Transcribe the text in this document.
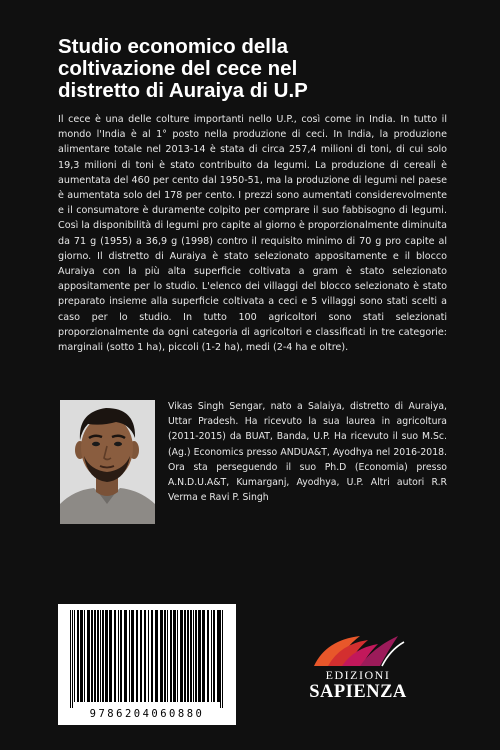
Studio economico della
coltivazione del cece nel
distretto di Auraiya di U.P

Il cece è una delle colture importanti nello U.P., così come in India. In tutto il mondo l'India è al 1° posto nella produzione di ceci. In India, la produzione alimentare totale nel 2013-14 è stata di circa 257,4 milioni di toni, di cui solo 19,3 milioni di toni è stato contribuito da legumi. La produzione di cereali è aumentata del 460 per cento dal 1950-51, ma la produzione di legumi nel paese è aumentata solo del 178 per cento. I prezzi sono aumentati considerevolmente e il consumatore è duramente colpito per comprare il suo fabbisogno di legumi. Così la disponibilità di legumi pro capite al giorno è proporzionalmente diminuita da 71 g (1955) a 36,9 g (1998) contro il requisito minimo di 70 g pro capite al giorno. Il distretto di Auraiya è stato selezionato appositamente e il blocco Auraiya con la più alta superficie coltivata a gram è stato selezionato appositamente per lo studio. L'elenco dei villaggi del blocco selezionato è stato preparato insieme alla superficie coltivata a ceci e 5 villaggi sono stati scelti a caso per lo studio. In tutto 100 agricoltori sono stati selezionati proporzionalmente da ogni categoria di agricoltori e classificati in tre categorie: marginali (sotto 1 ha), piccoli (1-2 ha), medi (2-4 ha e oltre).

Vikas Singh Sengar, nato a Salaiya, distretto di Auraiya, Uttar Pradesh. Ha ricevuto la sua laurea in agricoltura (2011-2015) da BUAT, Banda, U.P. Ha ricevuto il suo M.Sc. (Ag.) Economics presso ANDUA&T, Ayodhya nel 2016-2018. Ora sta perseguendo il suo Ph.D (Economia) presso A.N.D.U.A&T, Kumarganj, Ayodhya, U.P. Altri autori R.R Verma e Ravi P. Singh

9786204060880
EDIZIONI
SAPIENZA
